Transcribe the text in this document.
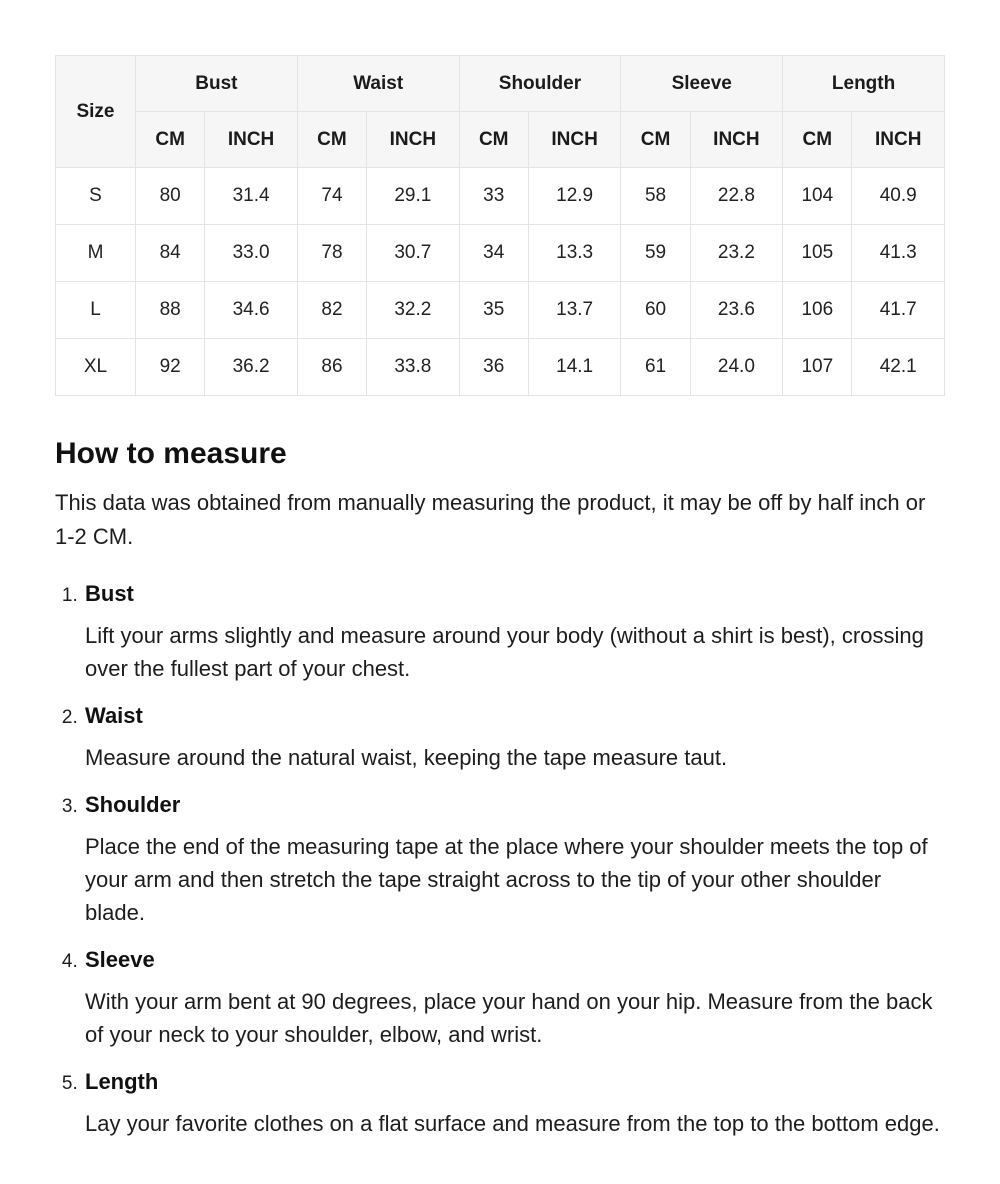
Size	Bust		Waist		Shoulder		Sleeve		Length	
	CM	INCH	CM	INCH	CM	INCH	CM	INCH	CM	INCH
S	80	31.4	74	29.1	33	12.9	58	22.8	104	40.9
M	84	33.0	78	30.7	34	13.3	59	23.2	105	41.3
L	88	34.6	82	32.2	35	13.7	60	23.6	106	41.7
XL	92	36.2	86	33.8	36	14.1	61	24.0	107	42.1
How to measure

This data was obtained from manually measuring the product, it may be off by half inch or 1-2 CM.

1. Bust
Lift your arms slightly and measure around your body (without a shirt is best), crossing over the fullest part of your chest.
2. Waist
Measure around the natural waist, keeping the tape measure taut.
3. Shoulder
Place the end of the measuring tape at the place where your shoulder meets the top of your arm and then stretch the tape straight across to the tip of your other shoulder blade.
4. Sleeve
With your arm bent at 90 degrees, place your hand on your hip. Measure from the back of your neck to your shoulder, elbow, and wrist.
5. Length
Lay your favorite clothes on a flat surface and measure from the top to the bottom edge.
